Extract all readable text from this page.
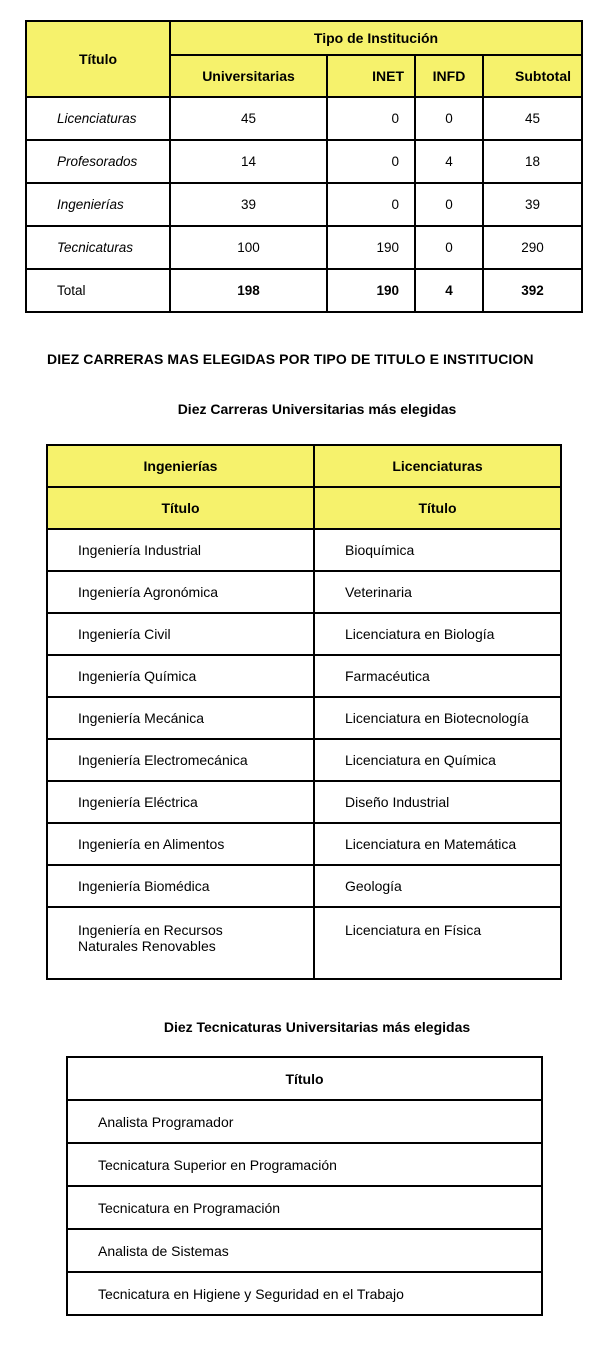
Título	Tipo de Institución			
	Universitarias	INET	INFD	Subtotal
Licenciaturas	45	0	0	45
Profesorados	14	0	4	18
Ingenierías	39	0	0	39
Tecnicaturas	100	190	0	290
Total	198	190	4	392
DIEZ CARRERAS MAS ELEGIDAS POR TIPO DE TITULO E INSTITUCION
Diez Carreras Universitarias más elegidas
Ingenierías	Licenciaturas
Título	Título
Ingeniería Industrial	Bioquímica
Ingeniería Agronómica	Veterinaria
Ingeniería Civil	Licenciatura en Biología
Ingeniería Química	Farmacéutica
Ingeniería Mecánica	Licenciatura en Biotecnología
Ingeniería Electromecánica	Licenciatura en Química
Ingeniería Eléctrica	Diseño Industrial
Ingeniería en Alimentos	Licenciatura en Matemática
Ingeniería Biomédica	Geología
Ingeniería en Recursos Naturales Renovables	Licenciatura en Física
Diez Tecnicaturas Universitarias más elegidas
Título
Analista Programador
Tecnicatura Superior en Programación
Tecnicatura en Programación
Analista de Sistemas
Tecnicatura en Higiene y Seguridad en el Trabajo
